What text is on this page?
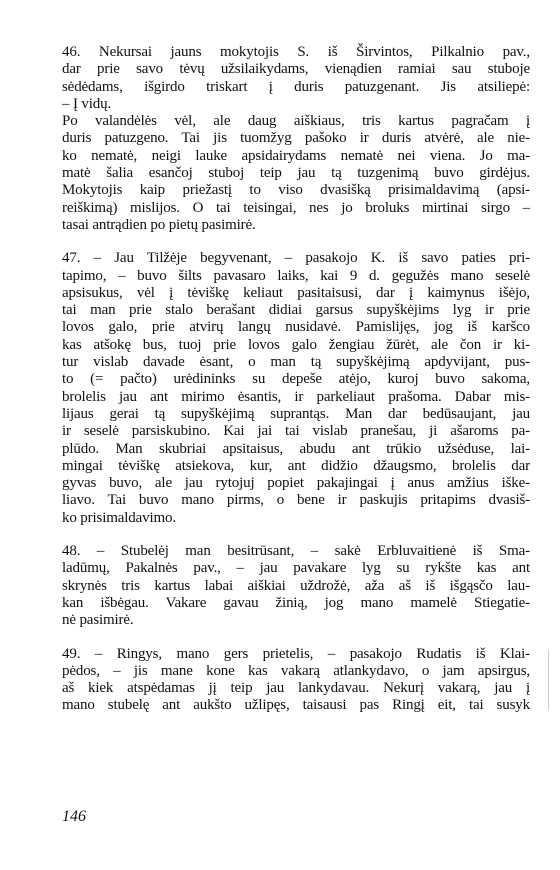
46. Nekursai jauns mokytojis S. iš Širvintos, Pilkalnio pav.,
dar prie savo tėvų užsilaikydams, vienądien ramiai sau stuboje
sėdėdams, išgirdo triskart į duris patuzgenant. Jis atsiliepė:
– Į vidų.

Po valandėlės vėl, ale daug aiškiaus, tris kartus pagračam į
duris patuzgeno. Tai jis tuomžyg pašoko ir duris atvėrė, ale nie-
ko nematė, neigi lauke apsidairydams nematė nei viena. Jo ma-
matė šalia esančoj stuboj teip jau tą tuzgenimą buvo girdėjus.
Mokytojis kaip priežastį to viso dvasišką prisimaldavimą (apsi-
reiškimą) mislijos. O tai teisingai, nes jo broluks mirtinai sirgo –
tasai antrądien po pietų pasimirė.

47. – Jau Tilžėje begyvenant, – pasakojo K. iš savo paties pri-
tapimo, – buvo šilts pavasaro laiks, kai 9 d. gegužės mano seselė
apsisukus, vėl į tėviškę keliaut pasitaisusi, dar į kaimynus išėjo,
tai man prie stalo berašant didiai garsus supyškėjims lyg ir prie
lovos galo, prie atvirų langų nusidavė. Pamislijęs, jog iš karšco
kas atšokę bus, tuoj prie lovos galo žengiau žūrėt, ale čon ir ki-
tur vislab davade ėsant, o man tą supyškėjimą apdyvijant, pus-
to (= pačto) urėdininks su depeše atėjo, kuroj buvo sakoma,
brolelis jau ant mirimo ėsantis, ir parkeliaut prašoma. Dabar mis-
lijaus gerai tą supyškėjimą suprantąs. Man dar bedūsaujant, jau
ir seselė parsiskubino. Kai jai tai vislab pranešau, ji ašaroms pa-
plūdo. Man skubriai apsitaisus, abudu ant trūkio užsėduse, lai-
mingai tėviškę atsiekova, kur, ant didžio džaugsmo, brolelis dar
gyvas buvo, ale jau rytojuj popiet pakajingai į anus amžius iške-
liavo. Tai buvo mano pirms, o bene ir paskujis pritapims dvasiš-
ko prisimaldavimo.

48. – Stubelėj man besitrūsant, – sakė Erbluvaitienė iš Sma-
ladūmų, Pakalnės pav., – jau pavakare lyg su rykšte kas ant
skrynės tris kartus labai aiškiai uždrožė, aža aš iš išgąsčo lau-
kan išbėgau. Vakare gavau žinią, jog mano mamelė Stiegatie-
nė pasimirė.

49. – Ringys, mano gers prietelis, – pasakojo Rudatis iš Klai-
pėdos, – jis mane kone kas vakarą atlankydavo, o jam apsirgus,
aš kiek atspėdamas jį teip jau lankydavau. Nekurį vakarą, jau į
mano stubelę ant aukšto užlipęs, taisausi pas Ringį eit, tai susyk

146
